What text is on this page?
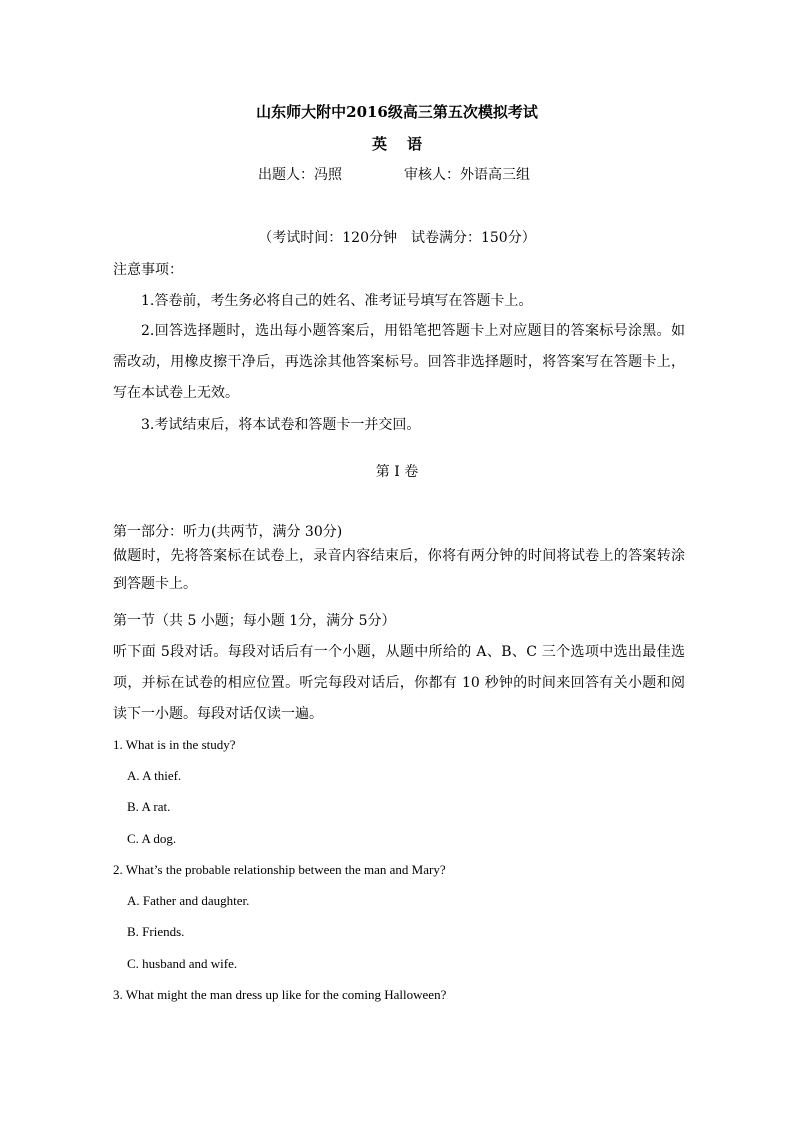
山东师大附中2016级高三第五次模拟考试
英语
出题人：冯照	审核人：外语高三组
（考试时间：120分钟　试卷满分：150分）
注意事项：
1.答卷前，考生务必将自己的姓名、准考证号填写在答题卡上。
2.回答选择题时，选出每小题答案后，用铅笔把答题卡上对应题目的答案标号涂黑。如需改动，用橡皮擦干净后，再选涂其他答案标号。回答非选择题时，将答案写在答题卡上，写在本试卷上无效。
3.考试结束后，将本试卷和答题卡一并交回。
第 I 卷
第一部分：听力(共两节，满分 30分)
做题时，先将答案标在试卷上，录音内容结束后，你将有两分钟的时间将试卷上的答案转涂到答题卡上。
第一节（共 5 小题；每小题 1分，满分 5分）
听下面 5段对话。每段对话后有一个小题，从题中所给的 A、B、C 三个选项中选出最佳选项，并标在试卷的相应位置。听完每段对话后，你都有 10 秒钟的时间来回答有关小题和阅读下一小题。每段对话仅读一遍。
1. What is in the study?
A. A thief.
B. A rat.
C. A dog.
2. What’s the probable relationship between the man and Mary?
A. Father and daughter.
B. Friends.
C. husband and wife.
3. What might the man dress up like for the coming Halloween?
